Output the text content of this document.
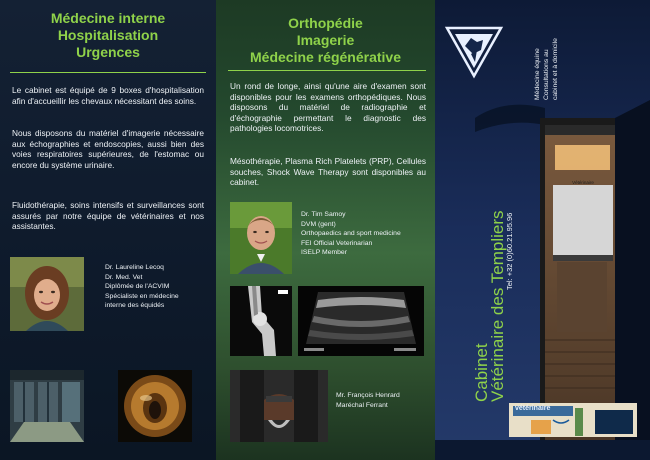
Médecine interne
Hospitalisation
Urgences

Le cabinet est équipé de 9 boxes d'hospitalisation afin d'accueillir les chevaux nécessitant des soins.

Nous disposons du matériel d'imagerie nécessaire aux échographies et endoscopies, aussi bien des voies respiratoires supérieures, de l'estomac ou encore du système urinaire.

Fluidothérapie, soins intensifs et surveillances sont assurés par notre équipe de vétérinaires et nos assistantes.

Dr. Laureline Lecoq
Dr. Med. Vet
Diplômée de l'ACVIM
Spécialiste en médecine
interne des équidés

Orthopédie
Imagerie
Médecine régénérative

Un rond de longe, ainsi qu'une aire d'examen sont disponibles pour les examens orthopédiques. Nous disposons du matériel de radiographie et d'échographie permettant le diagnostic des pathologies locomotrices.

Mésothérapie, Plasma Rich Platelets (PRP), Cellules souches, Shock Wave Therapy sont disponibles au cabinet.

Dr. Tim Samoy
DVM (gent)
Orthopaedics and sport medicine
FEI Official Veterinarian
ISELP Member

Mr. François Henrard
Maréchal Ferrant

Vétérinaire
vétérinaire
Cabinet
Vétérinaire des Templiers
Tel: +32 (0)60.21.95.96
Médecine équine Consultations au cabinet et à domicile
